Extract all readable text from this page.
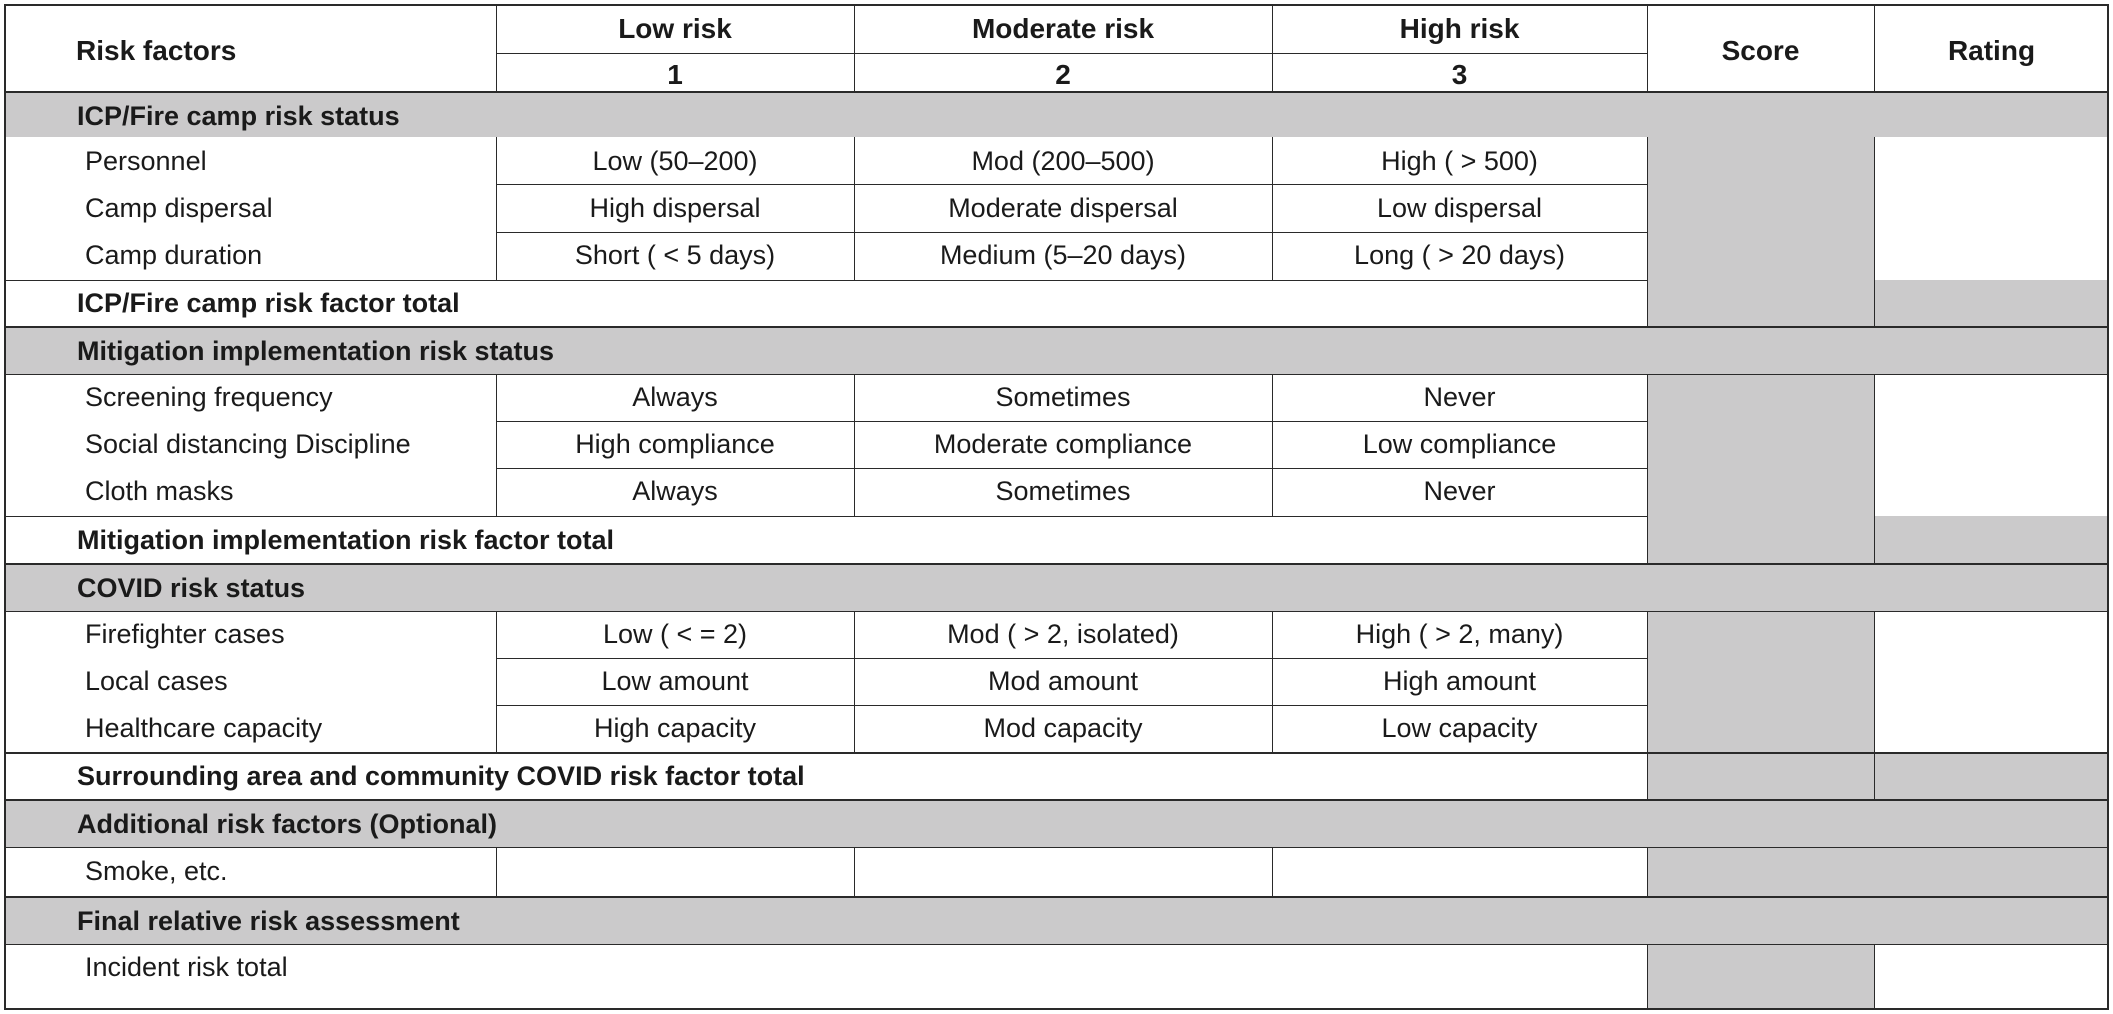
Risk factors
Low risk	Moderate risk	High risk
1	2	3
Score	Rating
ICP/Fire camp risk status
Personnel	Low (50–200)	Mod (200–500)	High ( > 500)
Camp dispersal	High dispersal	Moderate dispersal	Low dispersal
Camp duration	Short ( < 5 days)	Medium (5–20 days)	Long ( > 20 days)
ICP/Fire camp risk factor total
Mitigation implementation risk status
Screening frequency	Always	Sometimes	Never
Social distancing Discipline	High compliance	Moderate compliance	Low compliance
Cloth masks	Always	Sometimes	Never
Mitigation implementation risk factor total
COVID risk status
Firefighter cases	Low ( < = 2)	Mod ( > 2, isolated)	High ( > 2, many)
Local cases	Low amount	Mod amount	High amount
Healthcare capacity	High capacity	Mod capacity	Low capacity
Surrounding area and community COVID risk factor total
Additional risk factors (Optional)
Smoke, etc.
Final relative risk assessment
Incident risk total
